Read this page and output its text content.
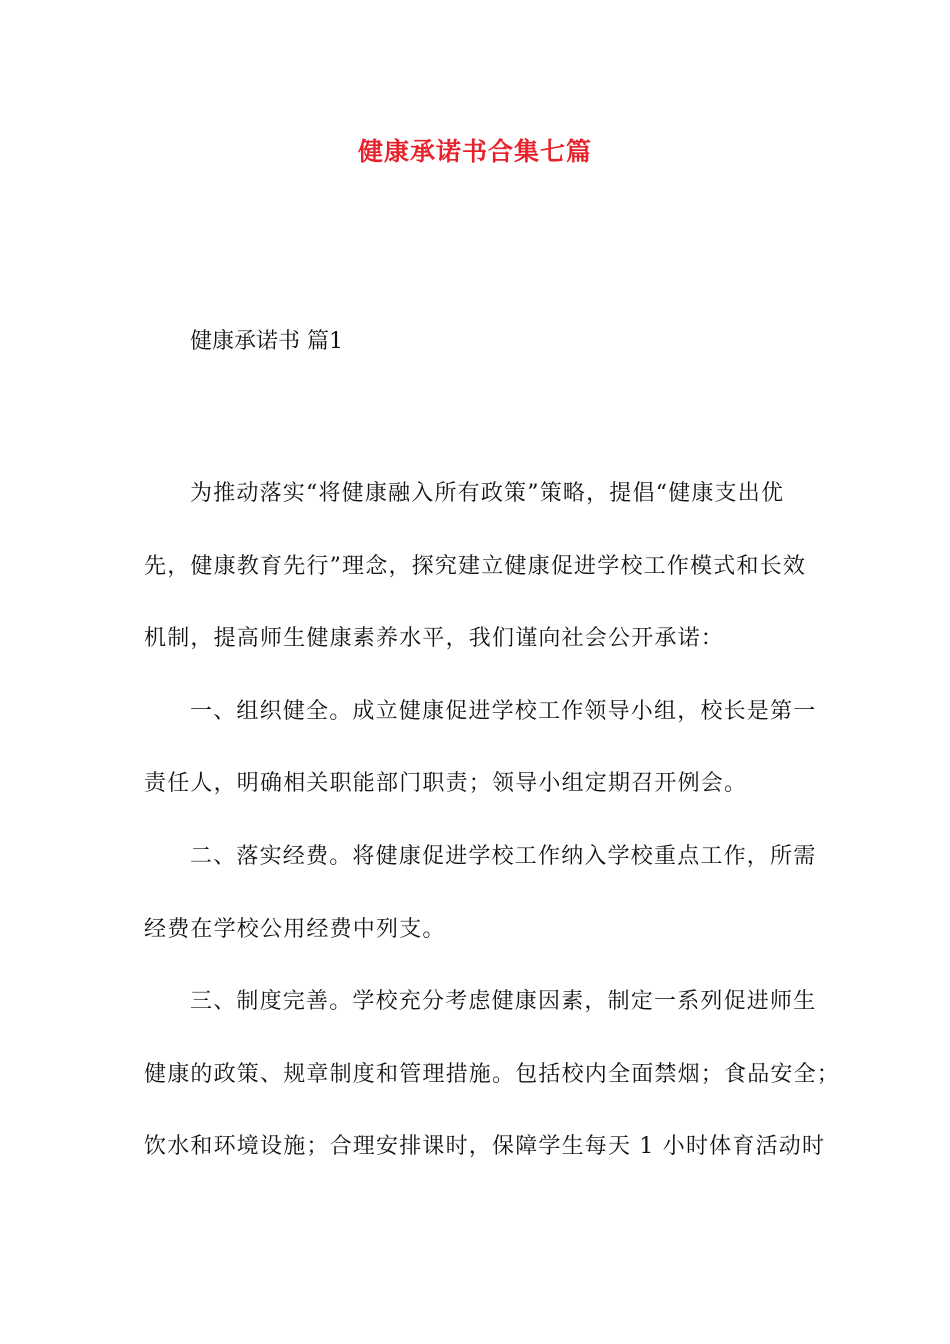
健康承诺书合集七篇
健康承诺书 篇1
为推动落实“将健康融入所有政策”策略，提倡“健康支出优
先，健康教育先行”理念，探究建立健康促进学校工作模式和长效
机制，提高师生健康素养水平，我们谨向社会公开承诺：
一、组织健全。成立健康促进学校工作领导小组，校长是第一
责任人，明确相关职能部门职责；领导小组定期召开例会。
二、落实经费。将健康促进学校工作纳入学校重点工作，所需
经费在学校公用经费中列支。
三、制度完善。学校充分考虑健康因素，制定一系列促进师生
健康的政策、规章制度和管理措施。包括校内全面禁烟；食品安全；
饮水和环境设施；合理安排课时，保障学生每天 1 小时体育活动时
